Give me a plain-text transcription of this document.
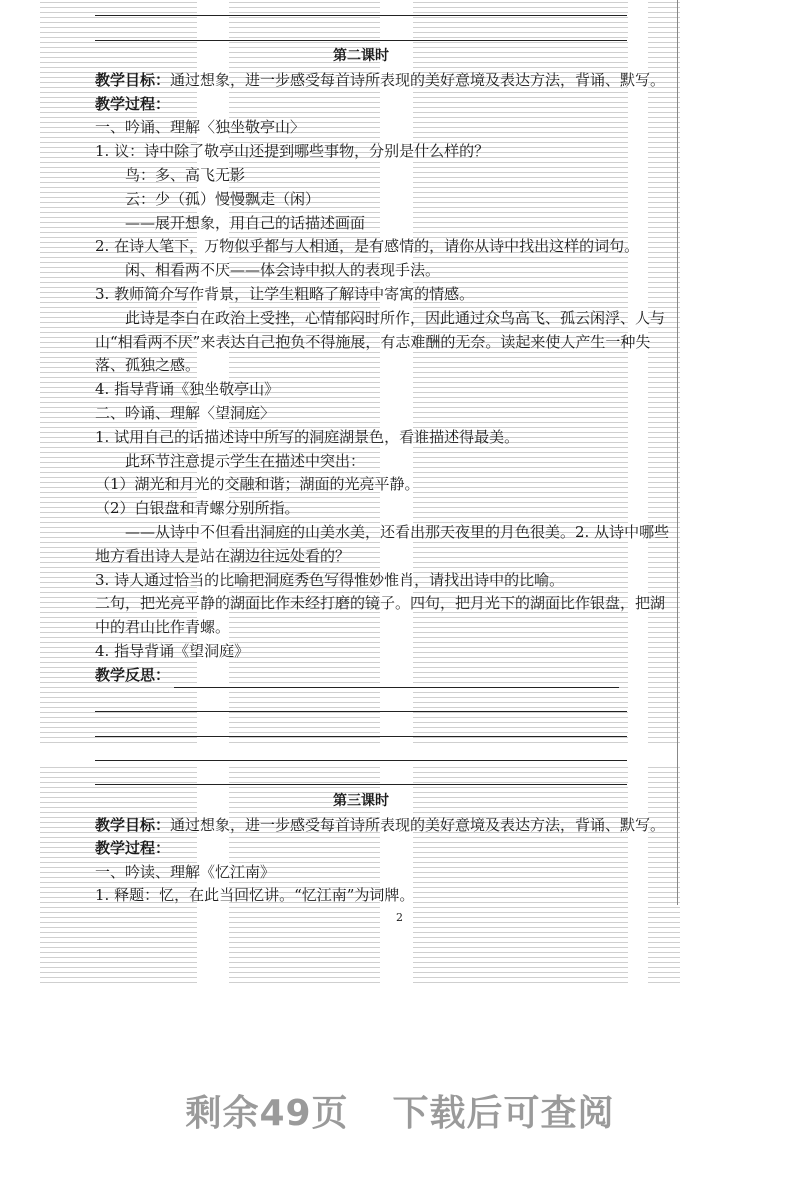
第二课时
教学目标：通过想象，进一步感受每首诗所表现的美好意境及表达方法，背诵、默写。
教学过程：
一、吟诵、理解〈独坐敬亭山〉
1. 议：诗中除了敬亭山还提到哪些事物，分别是什么样的？
鸟：多、高飞无影
云：少（孤）慢慢飘走（闲）
——展开想象，用自己的话描述画面
2. 在诗人笔下，万物似乎都与人相通，是有感情的，请你从诗中找出这样的词句。
闲、相看两不厌——体会诗中拟人的表现手法。
3. 教师简介写作背景，让学生粗略了解诗中寄寓的情感。
此诗是李白在政治上受挫，心情郁闷时所作，因此通过众鸟高飞、孤云闲浮、人与
山“相看两不厌”来表达自己抱负不得施展，有志难酬的无奈。读起来使人产生一种失
落、孤独之感。
4. 指导背诵《独坐敬亭山》
二、吟诵、理解〈望洞庭〉
1. 试用自己的话描述诗中所写的洞庭湖景色，看谁描述得最美。
此环节注意提示学生在描述中突出：
（1）湖光和月光的交融和谐；湖面的光亮平静。
（2）白银盘和青螺分别所指。
——从诗中不但看出洞庭的山美水美，还看出那天夜里的月色很美。2. 从诗中哪些
地方看出诗人是站在湖边往远处看的？
3. 诗人通过恰当的比喻把洞庭秀色写得惟妙惟肖，请找出诗中的比喻。
二句，把光亮平静的湖面比作未经打磨的镜子。四句，把月光下的湖面比作银盘，把湖
中的君山比作青螺。
4. 指导背诵《望洞庭》
教学反思：
第三课时
教学目标：通过想象，进一步感受每首诗所表现的美好意境及表达方法，背诵、默写。
教学过程：
一、吟读、理解《忆江南》
1. 释题：忆，在此当回忆讲。“忆江南”为词牌。
2
剩余49页 下载后可查阅
